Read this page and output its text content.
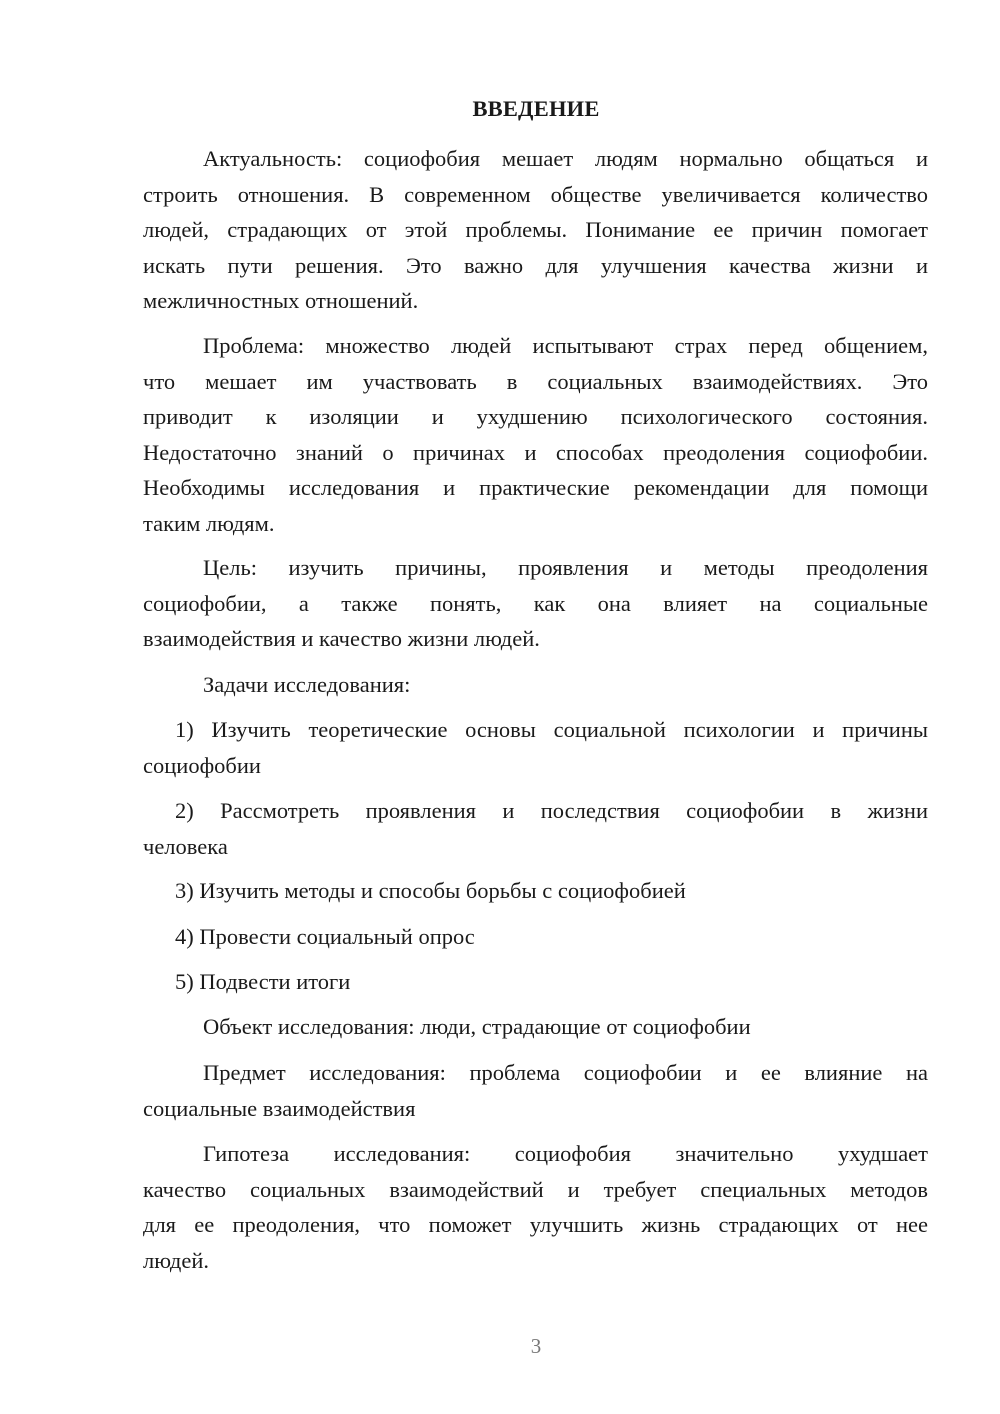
ВВЕДЕНИЕ
Актуальность: социофобия мешает людям нормально общаться и
строить отношения. В современном обществе увеличивается количество
людей, страдающих от этой проблемы. Понимание ее причин помогает
искать пути решения. Это важно для улучшения качества жизни и
межличностных отношений.
Проблема: множество людей испытывают страх перед общением,
что мешает им участвовать в социальных взаимодействиях. Это
приводит к изоляции и ухудшению психологического состояния.
Недостаточно знаний о причинах и способах преодоления социофобии.
Необходимы исследования и практические рекомендации для помощи
таким людям.
Цель: изучить причины, проявления и методы преодоления
социофобии, а также понять, как она влияет на социальные
взаимодействия и качество жизни людей.
Задачи исследования:
1) Изучить теоретические основы социальной психологии и причины
социофобии
2) Рассмотреть проявления и последствия социофобии в жизни
человека
3) Изучить методы и способы борьбы с социофобией
4) Провести социальный опрос
5) Подвести итоги
Объект исследования: люди, страдающие от социофобии
Предмет исследования: проблема социофобии и ее влияние на
социальные взаимодействия
Гипотеза исследования: социофобия значительно ухудшает
качество социальных взаимодействий и требует специальных методов
для ее преодоления, что поможет улучшить жизнь страдающих от нее
людей.
3
